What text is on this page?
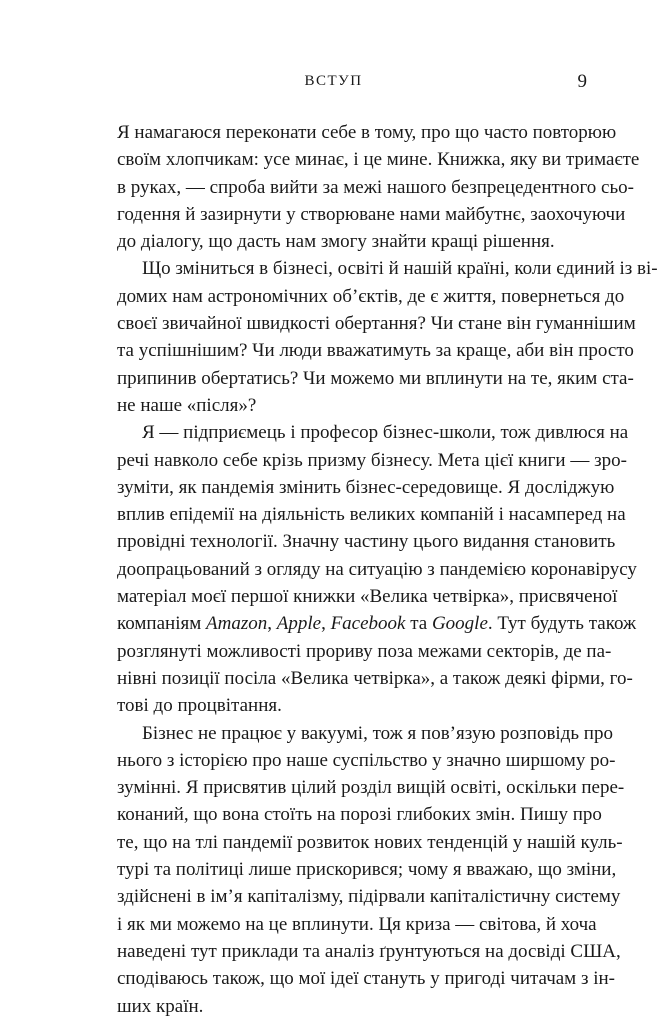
ВСТУП	9
Я намагаюся переконати себе в тому, про що часто повторюю
своїм хлопчикам: усе минає, і це мине. Книжка, яку ви тримаєте
в руках, — спроба вийти за межі нашого безпрецедентного сьо-
годення й зазирнути у створюване нами майбутнє, заохочуючи
до діалогу, що дасть нам змогу знайти кращі рішення.
Що зміниться в бізнесі, освіті й нашій країні, коли єдиний із ві-
домих нам астрономічних об’єктів, де є життя, повернеться до
своєї звичайної швидкості обертання? Чи стане він гуманнішим
та успішнішим? Чи люди вважатимуть за краще, аби він просто
припинив обертатись? Чи можемо ми вплинути на те, яким ста-
не наше «після»?
Я — підприємець і професор бізнес-школи, тож дивлюся на
речі навколо себе крізь призму бізнесу. Мета цієї книги — зро-
зуміти, як пандемія змінить бізнес-середовище. Я досліджую
вплив епідемії на діяльність великих компаній і насамперед на
провідні технології. Значну частину цього видання становить
доопрацьований з огляду на ситуацію з пандемією коронавірусу
матеріал моєї першої книжки «Велика четвірка», присвяченої
компаніям Amazon, Apple, Facebook та Google. Тут будуть також
розглянуті можливості прориву поза межами секторів, де па-
нівні позиції посіла «Велика четвірка», а також деякі фірми, го-
тові до процвітання.
Бізнес не працює у вакуумі, тож я пов’язую розповідь про
нього з історією про наше суспільство у значно ширшому ро-
зумінні. Я присвятив цілий розділ вищій освіті, оскільки пере-
конаний, що вона стоїть на порозі глибоких змін. Пишу про
те, що на тлі пандемії розвиток нових тенденцій у нашій куль-
турі та політиці лише прискорився; чому я вважаю, що зміни,
здійснені в ім’я капіталізму, підірвали капіталістичну систему
і як ми можемо на це вплинути. Ця криза — світова, й хоча
наведені тут приклади та аналіз ґрунтуються на досвіді США,
сподіваюсь також, що мої ідеї стануть у пригоді читачам з ін-
ших країн.
